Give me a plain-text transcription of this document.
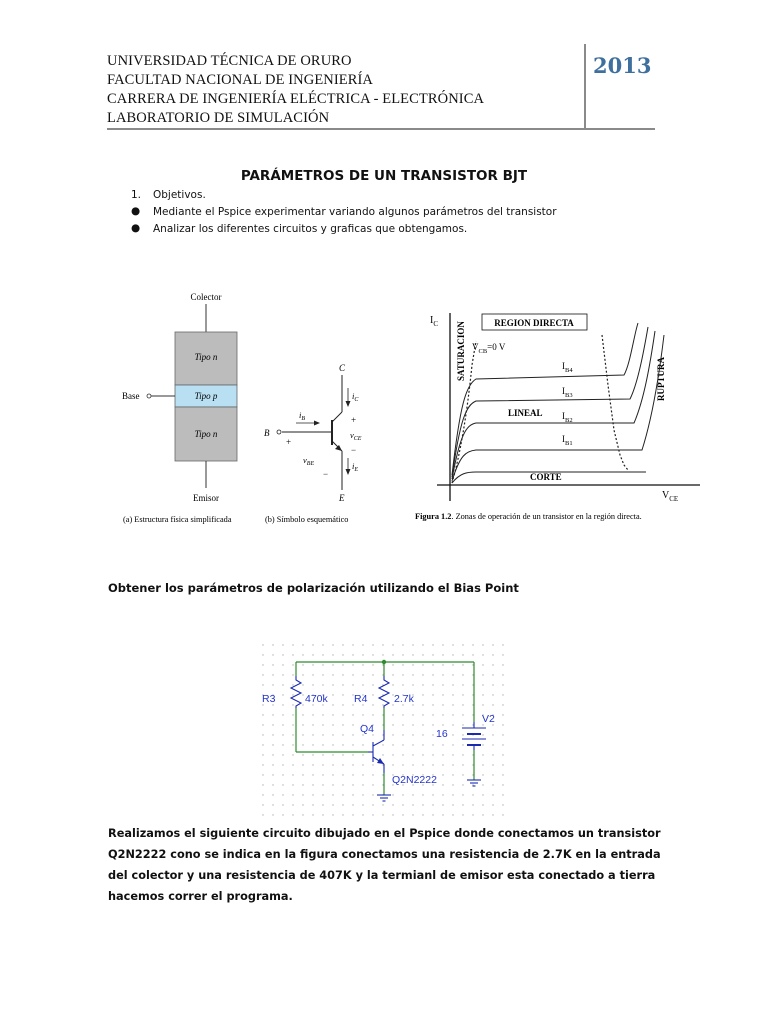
UNIVERSIDAD TÉCNICA DE ORURO
FACULTAD NACIONAL DE INGENIERÍA
CARRERA DE INGENIERÍA ELÉCTRICA - ELECTRÓNICA
LABORATORIO DE SIMULACIÓN
2013
PARÁMETROS DE UN TRANSISTOR BJT
1. Objetivos.
● Mediante el Pspice experimentar variando algunos parámetros del transistor
● Analizar los diferentes circuitos y graficas que obtengamos.
Colector
Tipo n
Tipo p
Tipo n
Base
Emisor
(a) Estructura física simplificada
C
B
E
$i_C$
$i_B$
$i_E$
+
$v_{CE}$
−
+
$v_{BE}$
−
(b) Símbolo esquemático
$I_C$ SATURACION	REGION DIRECTA
$V_{CB}=0$ V
RUPTURA
LINEAL
$I_{B4}$
$I_{B3}$
$I_{B2}$
$I_{B1}$
CORTE
$V_{CE}$
Figura 1.2. Zonas de operación de un transistor en la región directa.
Obtener los parámetros de polarización utilizando el Bias Point
R3	470k R4	2.7k
Q4
Q2N2222
V2
16
Realizamos el siguiente circuito dibujado en el Pspice donde conectamos un transistor Q2N2222 cono se indica en la figura conectamos una resistencia de 2.7K en la entrada del colector y una resistencia de 407K y la termianl de emisor esta conectado a tierra hacemos correr el programa.
